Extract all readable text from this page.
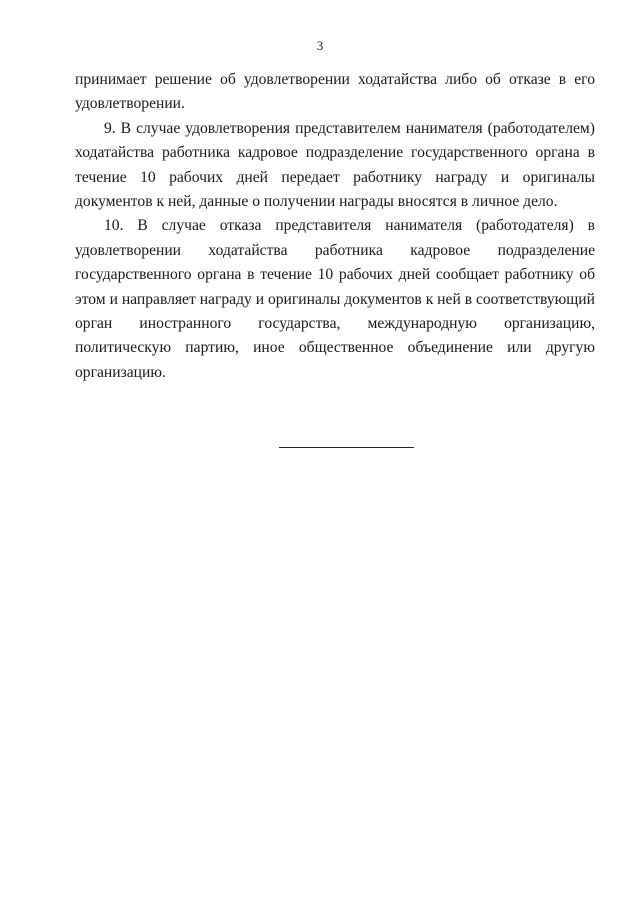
3

принимает решение об удовлетворении ходатайства либо об отказе в его удовлетворении.

9. В случае удовлетворения представителем нанимателя (работодателем) ходатайства работника кадровое подразделение государственного органа в течение 10 рабочих дней передает работнику награду и оригиналы документов к ней, данные о получении награды вносятся в личное дело.

10. В случае отказа представителя нанимателя (работодателя) в удовлетворении ходатайства работника кадровое подразделение государственного органа в течение 10 рабочих дней сообщает работнику об этом и направляет награду и оригиналы документов к ней в соответствующий орган иностранного государства, международную организацию, политическую партию, иное общественное объединение или другую организацию.
